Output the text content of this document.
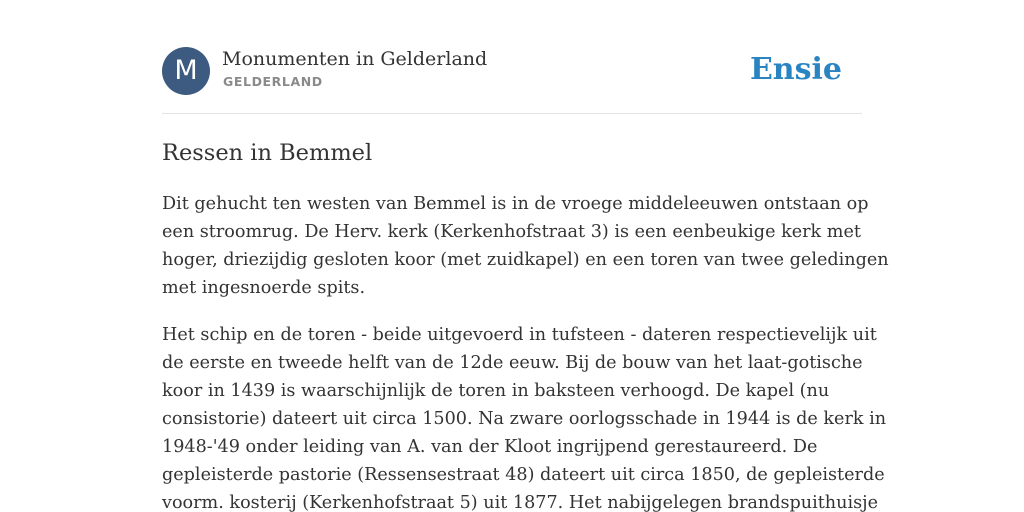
M	Monumenten in Gelderland
GELDERLAND	Ensie
Ressen in Bemmel

Dit gehucht ten westen van Bemmel is in de vroege middeleeuwen ontstaan op
een stroomrug. De Herv. kerk (Kerkenhofstraat 3) is een eenbeukige kerk met
hoger, driezijdig gesloten koor (met zuidkapel) en een toren van twee geledingen
met ingesnoerde spits.

Het schip en de toren - beide uitgevoerd in tufsteen - dateren respectievelijk uit
de eerste en tweede helft van de 12de eeuw. Bij de bouw van het laat-gotische
koor in 1439 is waarschijnlijk de toren in baksteen verhoogd. De kapel (nu
consistorie) dateert uit circa 1500. Na zware oorlogsschade in 1944 is de kerk in
1948-'49 onder leiding van A. van der Kloot ingrijpend gerestaureerd. De
gepleisterde pastorie (Ressensestraat 48) dateert uit circa 1850, de gepleisterde
voorm. kosterij (Kerkenhofstraat 5) uit 1877. Het nabijgelegen brandspuithuisje
